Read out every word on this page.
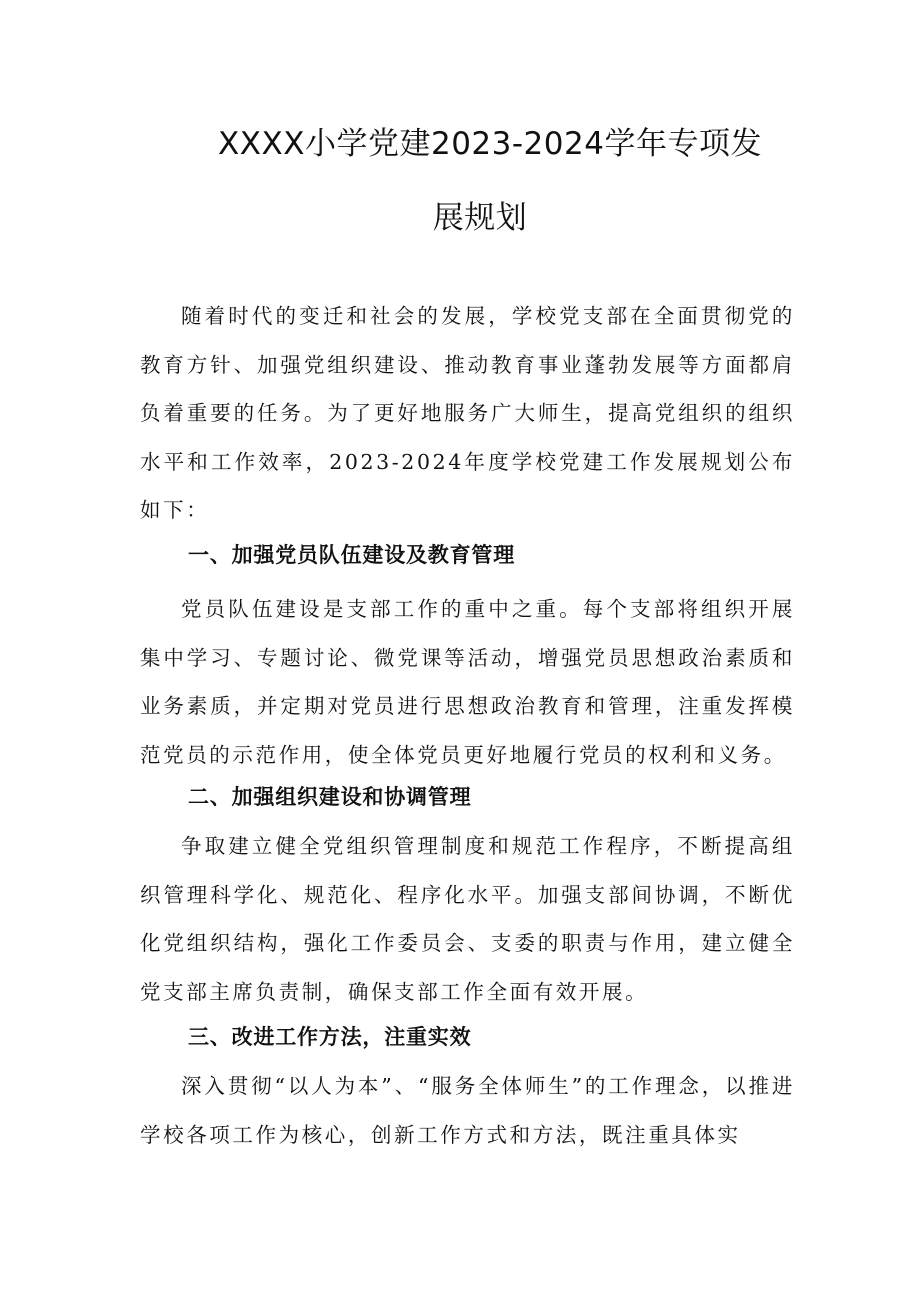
XXXX小学党建2023-2024学年专项发
展规划

随着时代的变迁和社会的发展，学校党支部在全面贯彻党的教育方针、加强党组织建设、推动教育事业蓬勃发展等方面都肩负着重要的任务。为了更好地服务广大师生，提高党组织的组织水平和工作效率，2023-2024年度学校党建工作发展规划公布如下：

一、加强党员队伍建设及教育管理

党员队伍建设是支部工作的重中之重。每个支部将组织开展集中学习、专题讨论、微党课等活动，增强党员思想政治素质和业务素质，并定期对党员进行思想政治教育和管理，注重发挥模范党员的示范作用，使全体党员更好地履行党员的权利和义务。

二、加强组织建设和协调管理

争取建立健全党组织管理制度和规范工作程序，不断提高组织管理科学化、规范化、程序化水平。加强支部间协调，不断优化党组织结构，强化工作委员会、支委的职责与作用，建立健全党支部主席负责制，确保支部工作全面有效开展。

三、改进工作方法，注重实效

深入贯彻“以人为本”、“服务全体师生”的工作理念，以推进学校各项工作为核心，创新工作方式和方法，既注重具体实
